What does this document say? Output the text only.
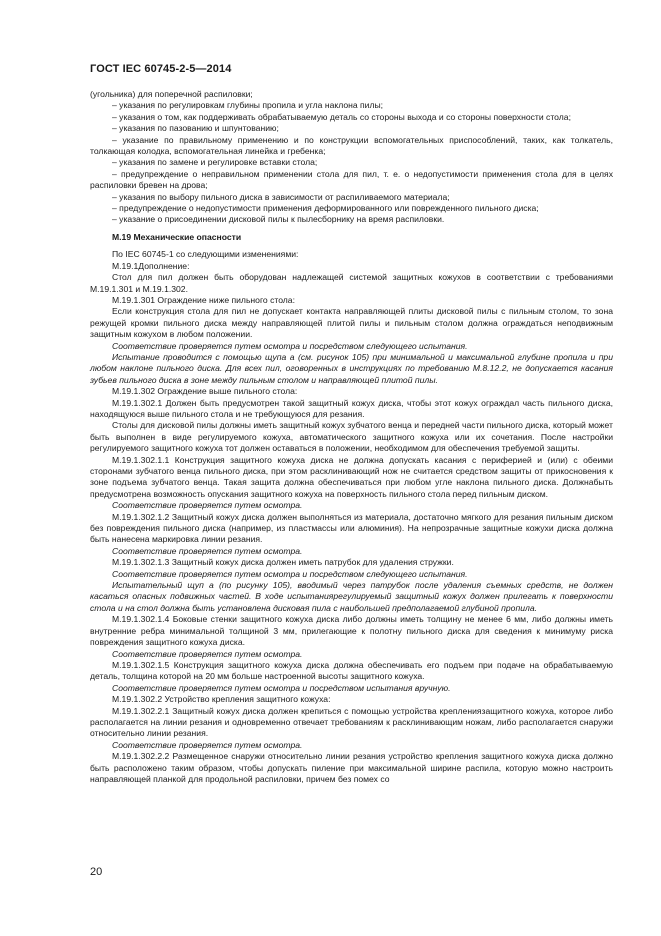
ГОСТ IEC 60745-2-5—2014

(угольника) для поперечной распиловки;

– указания по регулировкам глубины пропила и угла наклона пилы;

– указания о том, как поддерживать обрабатываемую деталь со стороны выхода и со стороны поверхности стола;

– указания по пазованию и шпунтованию;

– указание по правильному применению и по конструкции вспомогательных приспособлений, таких, как толкатель, толкающая колодка, вспомогательная линейка и гребенка;

– указания по замене и регулировке вставки стола;

– предупреждение о неправильном применении стола для пил, т. е. о недопустимости применения стола для в целях распиловки бревен на дрова;

– указания по выбору пильного диска в зависимости от распиливаемого материала;

– предупреждение о недопустимости применения деформированного или поврежденного пильного диска;

– указание о присоединении дисковой пилы к пылесборнику на время распиловки.

М.19 Механические опасности

По IEC 60745-1 со следующими изменениями:

М.19.1Дополнение:

Стол для пил должен быть оборудован надлежащей системой защитных кожухов в соответствии с требованиями М.19.1.301 и М.19.1.302.

М.19.1.301 Ограждение ниже пильного стола:

Если конструкция стола для пил не допускает контакта направляющей плиты дисковой пилы с пильным столом, то зона режущей кромки пильного диска между направляющей плитой пилы и пильным столом должна ограждаться неподвижным защитным кожухом в любом положении.

Соответствие проверяется путем осмотра и посредством следующего испытания.

Испытание проводится с помощью щупа а (см. рисунок 105) при минимальной и максимальной глубине пропила и при любом наклоне пильного диска. Для всех пил, оговоренных в инструкциях по требованию М.8.12.2, не допускается касания зубьев пильного диска в зоне между пильным столом и направляющей плитой пилы.

М.19.1.302 Ограждение выше пильного стола:

М.19.1.302.1 Должен быть предусмотрен такой защитный кожух диска, чтобы этот кожух ограждал часть пильного диска, находящуюся выше пильного стола и не требующуюся для резания.

Столы для дисковой пилы должны иметь защитный кожух зубчатого венца и передней части пильного диска, который может быть выполнен в виде регулируемого кожуха, автоматического защитного кожуха или их сочетания. После настройки регулируемого защитного кожуха тот должен оставаться в положении, необходимом для обеспечения требуемой защиты.

М.19.1.302.1.1 Конструкция защитного кожуха диска не должна допускать касания с периферией и (или) с обеими сторонами зубчатого венца пильного диска, при этом расклинивающий нож не считается средством защиты от прикосновения к зоне подъема зубчатого венца. Такая защита должна обеспечиваться при любом угле наклона пильного диска. Должнабыть предусмотрена возможность опускания защитного кожуха на поверхность пильного стола перед пильным диском.

Соответствие проверяется путем осмотра.

М.19.1.302.1.2 Защитный кожух диска должен выполняться из материала, достаточно мягкого для резания пильным диском без повреждения пильного диска (например, из пластмассы или алюминия). На непрозрачные защитные кожухи диска должна быть нанесена маркировка линии резания.

Соответствие проверяется путем осмотра.

М.19.1.302.1.3 Защитный кожух диска должен иметь патрубок для удаления стружки.

Соответствие проверяется путем осмотра и посредством следующего испытания.

Испытательный щуп а (по рисунку 105), вводимый через патрубок после удаления съемных средств, не должен касаться опасных подвижных частей. В ходе испытаниярегулируемый защитный кожух должен прилегать к поверхности стола и на стол должна быть установлена дисковая пила с наибольшей предполагаемой глубиной пропила.

М.19.1.302.1.4 Боковые стенки защитного кожуха диска либо должны иметь толщину не менее 6 мм, либо должны иметь внутренние ребра минимальной толщиной 3 мм, прилегающие к полотну пильного диска для сведения к минимуму риска повреждения защитного кожуха диска.

Соответствие проверяется путем осмотра.

М.19.1.302.1.5 Конструкция защитного кожуха диска должна обеспечивать его подъем при подаче на обрабатываемую деталь, толщина которой на 20 мм больше настроенной высоты защитного кожуха.

Соответствие проверяется путем осмотра и посредством испытания вручную.

М.19.1.302.2 Устройство крепления защитного кожуха:

М.19.1.302.2.1 Защитный кожух диска должен крепиться с помощью устройства креплениязащитного кожуха, которое либо располагается на линии резания и одновременно отвечает требованиям к расклинивающим ножам, либо располагается снаружи относительно линии резания.

Соответствие проверяется путем осмотра.

М.19.1.302.2.2 Размещенное снаружи относительно линии резания устройство крепления защитного кожуха диска должно быть расположено таким образом, чтобы допускать пиление при максимальной ширине распила, которую можно настроить направляющей планкой для продольной распиловки, причем без помех со

20
